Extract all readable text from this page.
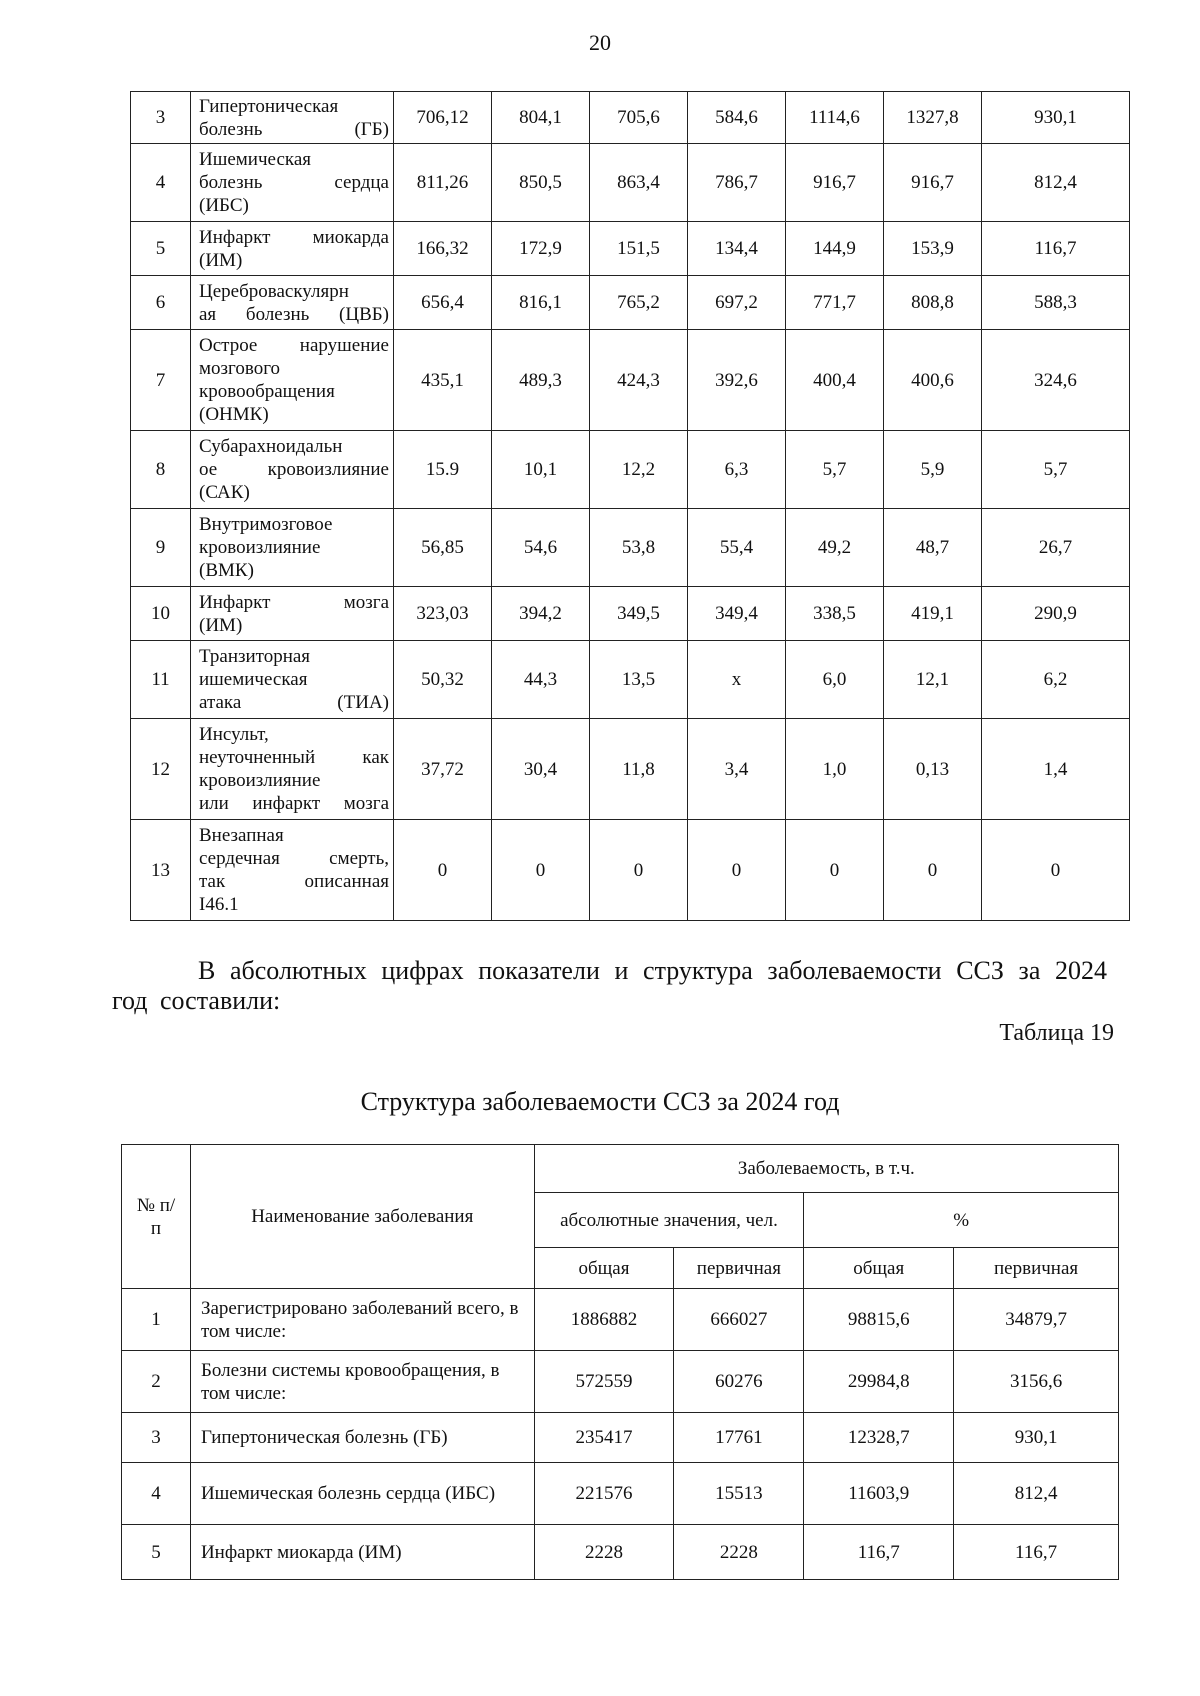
20
3	Гипертоническая
болезнь (ГБ)	706,12	804,1	705,6	584,6	1114,6	1327,8	930,1
4	Ишемическая
болезнь сердца
(ИБС)	811,26	850,5	863,4	786,7	916,7	916,7	812,4
5	Инфаркт миокарда
(ИМ)	166,32	172,9	151,5	134,4	144,9	153,9	116,7
6	Цереброваскулярн
ая болезнь (ЦВБ)	656,4	816,1	765,2	697,2	771,7	808,8	588,3
7	Острое нарушение
мозгового
кровообращения
(ОНМК)	435,1	489,3	424,3	392,6	400,4	400,6	324,6
8	Субарахноидальн
ое кровоизлияние
(САК)	15.9	10,1	12,2	6,3	5,7	5,9	5,7
9	Внутримозговое
кровоизлияние
(ВМК)	56,85	54,6	53,8	55,4	49,2	48,7	26,7
10	Инфаркт мозга
(ИМ)	323,03	394,2	349,5	349,4	338,5	419,1	290,9
11	Транзиторная
ишемическая
атака (ТИА)	50,32	44,3	13,5	x	6,0	12,1	6,2
12	Инсульт,
неуточненный как
кровоизлияние
или инфаркт мозга	37,72	30,4	11,8	3,4	1,0	0,13	1,4
13	Внезапная
сердечная смерть,
так описанная
I46.1	0	0	0	0	0	0	0
В абсолютных цифрах показатели и структура заболеваемости ССЗ за 2024 год составили:
Таблица 19
Структура заболеваемости ССЗ за 2024 год
№ п/п	Наименование заболевания	Заболеваемость, в т.ч.			
		абсолютные значения, чел.		%	
		общая	первичная	общая	первичная
1	Зарегистрировано заболеваний всего, в том числе:	1886882	666027	98815,6	34879,7
2	Болезни системы кровообращения, в том числе:	572559	60276	29984,8	3156,6
3	Гипертоническая болезнь (ГБ)	235417	17761	12328,7	930,1
4	Ишемическая болезнь сердца (ИБС)	221576	15513	11603,9	812,4
5	Инфаркт миокарда (ИМ)	2228	2228	116,7	116,7
